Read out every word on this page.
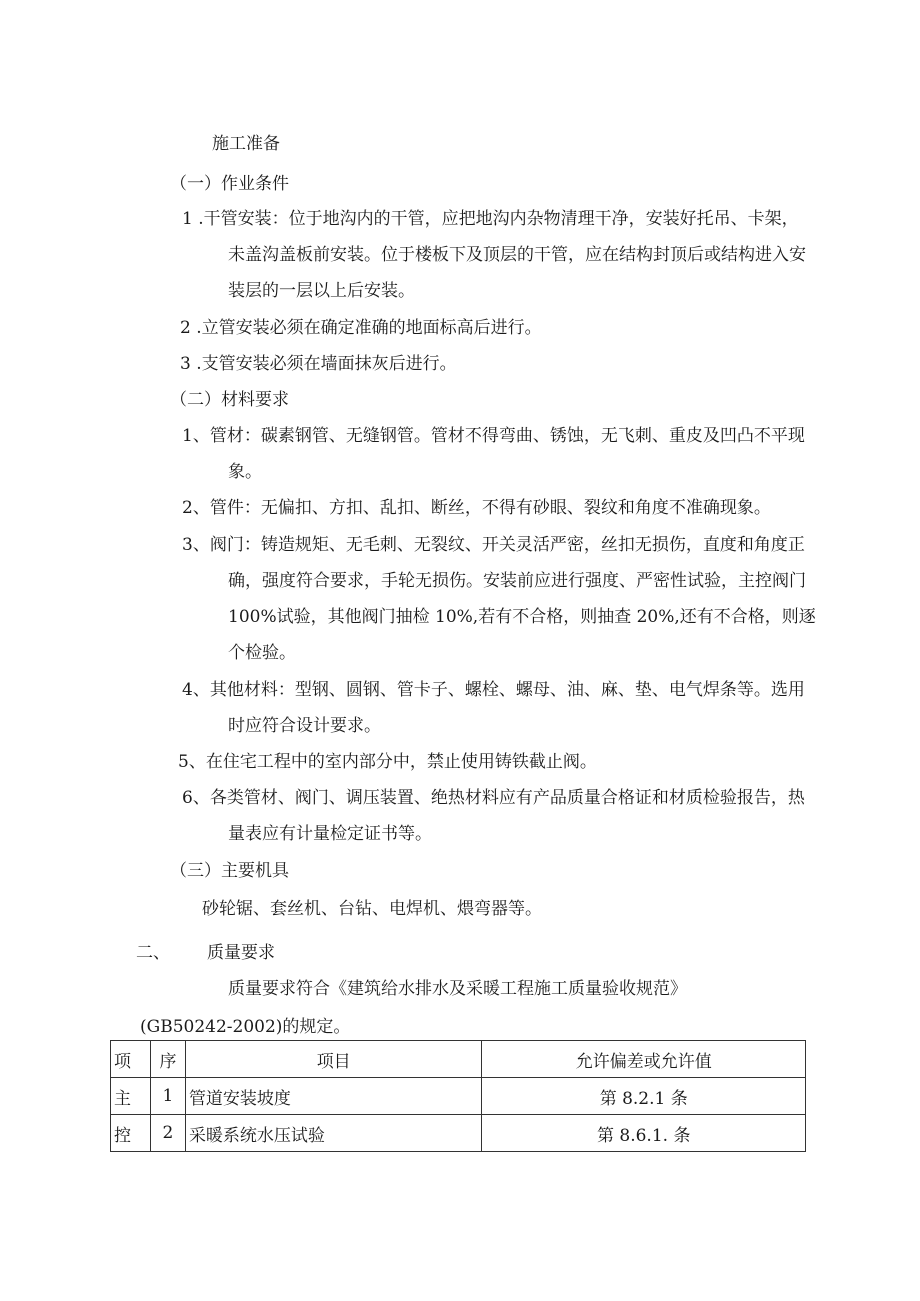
施工准备
（一）作业条件
1 .干管安装：位于地沟内的干管，应把地沟内杂物清理干净，安装好托吊、卡架，
未盖沟盖板前安装。位于楼板下及顶层的干管，应在结构封顶后或结构进入安
装层的一层以上后安装。
2 .立管安装必须在确定准确的地面标高后进行。
3 .支管安装必须在墙面抹灰后进行。
（二）材料要求
1、管材：碳素钢管、无缝钢管。管材不得弯曲、锈蚀，无飞刺、重皮及凹凸不平现
象。
2、管件：无偏扣、方扣、乱扣、断丝，不得有砂眼、裂纹和角度不准确现象。
3、阀门：铸造规矩、无毛刺、无裂纹、开关灵活严密，丝扣无损伤，直度和角度正
确，强度符合要求，手轮无损伤。安装前应进行强度、严密性试验，主控阀门
100%试验，其他阀门抽检 10%,若有不合格，则抽查 20%,还有不合格，则逐
个检验。
4、其他材料：型钢、圆钢、管卡子、螺栓、螺母、油、麻、垫、电气焊条等。选用
时应符合设计要求。
5、在住宅工程中的室内部分中，禁止使用铸铁截止阀。
6、各类管材、阀门、调压装置、绝热材料应有产品质量合格证和材质检验报告，热
量表应有计量检定证书等。
（三）主要机具
砂轮锯、套丝机、台钻、电焊机、煨弯器等。
二、 质量要求
质量要求符合《建筑给水排水及采暖工程施工质量验收规范》
(GB50242-2002)的规定。
项	序	项目	允许偏差或允许值
主	1	管道安装坡度	第 8.2.1 条
控	2	采暖系统水压试验	第 8.6.1. 条
